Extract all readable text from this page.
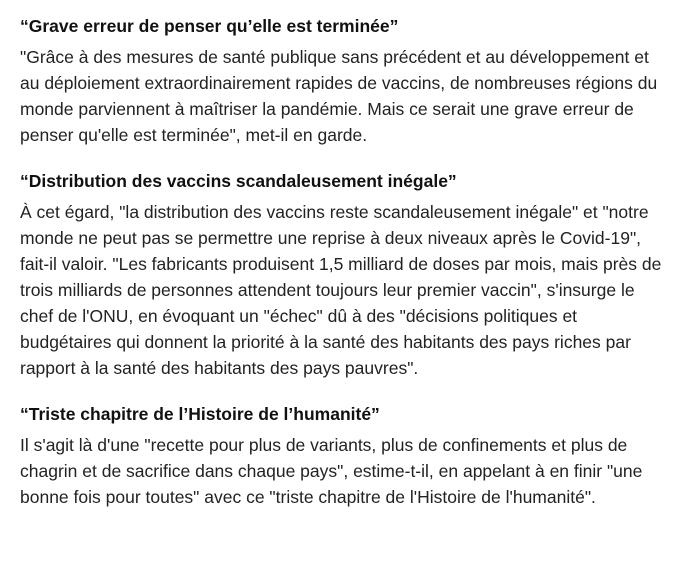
“Grave erreur de penser qu’elle est terminée”

"Grâce à des mesures de santé publique sans précédent et au développement et au déploiement extraordinairement rapides de vaccins, de nombreuses régions du monde parviennent à maîtriser la pandémie. Mais ce serait une grave erreur de penser qu'elle est terminée", met-il en garde.

“Distribution des vaccins scandaleusement inégale”

À cet égard, "la distribution des vaccins reste scandaleusement inégale" et "notre monde ne peut pas se permettre une reprise à deux niveaux après le Covid-19", fait-il valoir. "Les fabricants produisent 1,5 milliard de doses par mois, mais près de trois milliards de personnes attendent toujours leur premier vaccin", s'insurge le chef de l'ONU, en évoquant un "échec" dû à des "décisions politiques et budgétaires qui donnent la priorité à la santé des habitants des pays riches par rapport à la santé des habitants des pays pauvres".

“Triste chapitre de l’Histoire de l’humanité”

Il s'agit là d'une "recette pour plus de variants, plus de confinements et plus de chagrin et de sacrifice dans chaque pays", estime-t-il, en appelant à en finir "une bonne fois pour toutes" avec ce "triste chapitre de l'Histoire de l'humanité".
